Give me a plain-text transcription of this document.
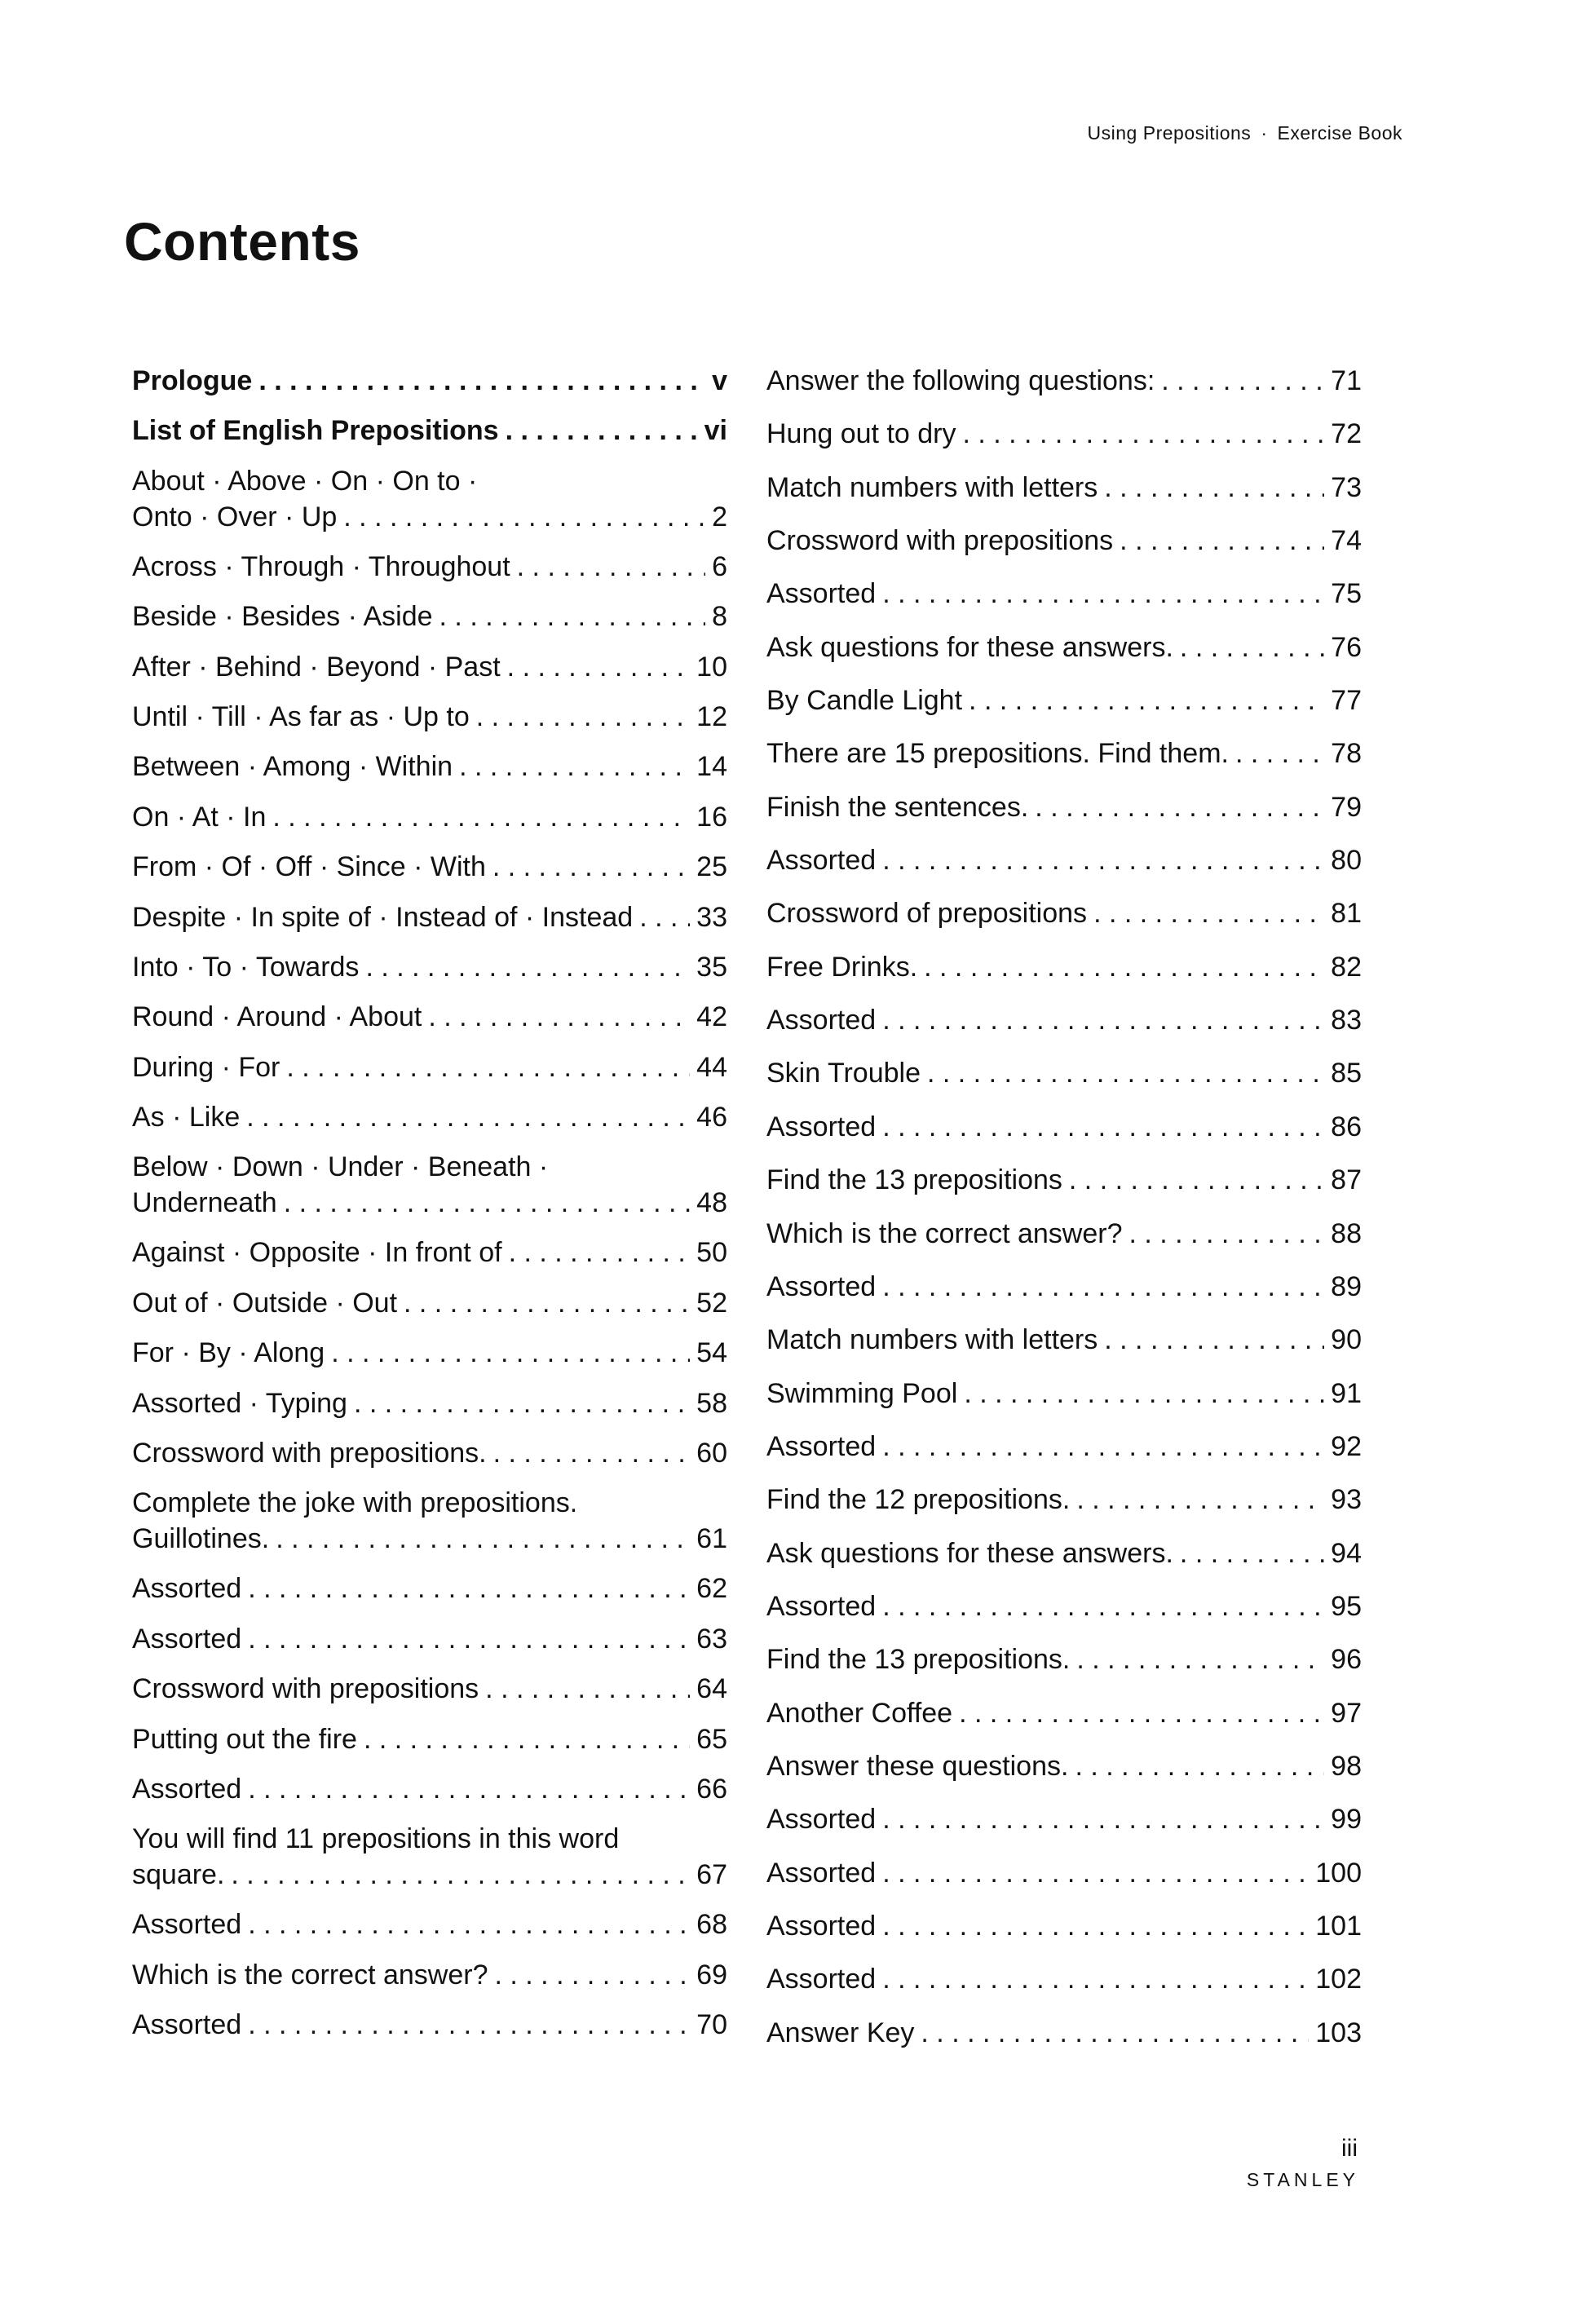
Using Prepositions · Exercise Book
Contents
Prologue . . .	v
List of English Prepositions . . .	vi
About · Above · On · On to ·
Onto · Over · Up . . .	2
Across · Through · Throughout . . .	6
Beside · Besides · Aside . . .	8
After · Behind · Beyond · Past . . .	10
Until · Till · As far as · Up to . . .	12
Between · Among · Within . . .	14
On · At · In . . .	16
From · Of · Off · Since · With . . .	25
Despite · In spite of · Instead of · Instead . . . 33
Into · To · Towards . . .	35
Round · Around · About . . .	42
During · For . . .	44
As · Like . . .	46
Below · Down · Under · Beneath ·
Underneath . . .	48
Against · Opposite · In front of . . .	50
Out of · Outside · Out . . .	52
For · By · Along . . .	54
Assorted · Typing . . .	58
Crossword with prepositions. . . .	60
Complete the joke with prepositions.
Guillotines. . . .	61
Assorted . . .	62
Assorted . . .	63
Crossword with prepositions . . .	64
Putting out the fire . . .	65
Assorted . . .	66
You will find 11 prepositions in this word
square. . . .	67
Assorted . . .	68
Which is the correct answer? . . .	69
Assorted . . .	70
Answer the following questions: . . .	71
Hung out to dry . . .	72
Match numbers with letters . . .	73
Crossword with prepositions . . .	74
Assorted . . .	75
Ask questions for these answers. . . .	76
By Candle Light . . .	77
There are 15 prepositions. Find them. . . .	78
Finish the sentences. . . .	79
Assorted . . .	80
Crossword of prepositions . . .	81
Free Drinks. . . .	82
Assorted . . .	83
Skin Trouble . . .	85
Assorted . . .	86
Find the 13 prepositions . . .	87
Which is the correct answer? . . .	88
Assorted . . .	89
Match numbers with letters . . .	90
Swimming Pool . . .	91
Assorted . . .	92
Find the 12 prepositions. . . .	93
Ask questions for these answers. . . .	94
Assorted . . .	95
Find the 13 prepositions. . . .	96
Another Coffee . . .	97
Answer these questions. . . .	98
Assorted . . .	99
Assorted . . .	100
Assorted . . .	101
Assorted . . .	102
Answer Key . . .	103
iii
STANLEY
